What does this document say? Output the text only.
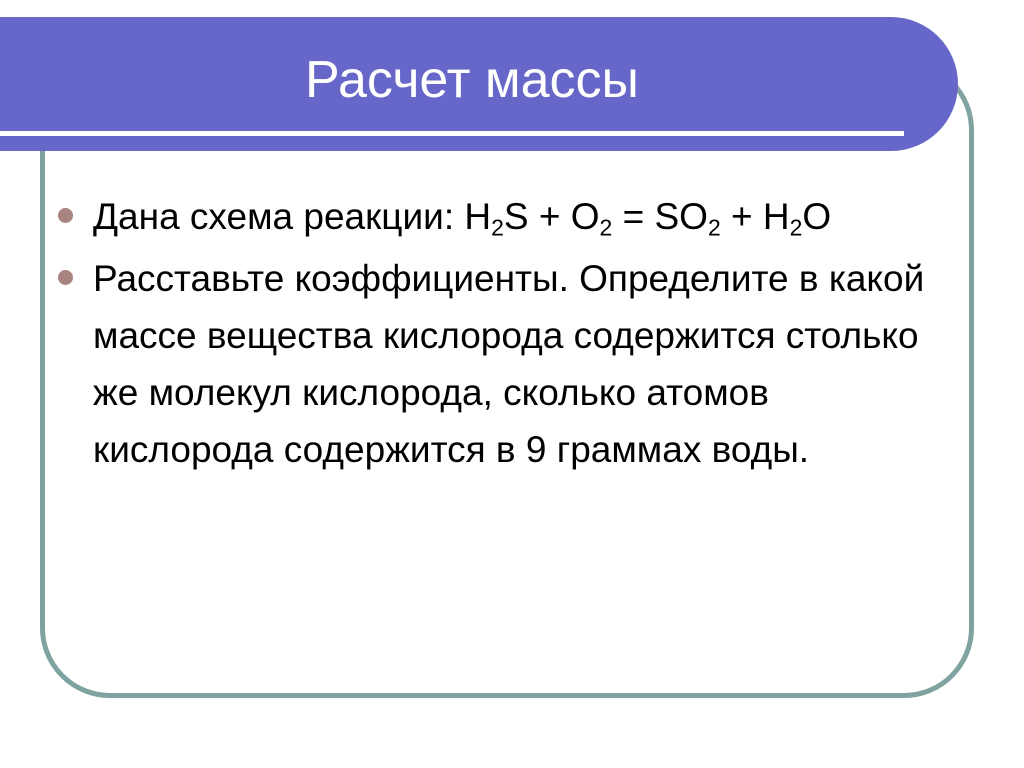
Расчет массы
Дана схема реакции: $H_2S + O_2 = SO_2 + H_2O$
Расставьте коэффициенты. Определите в какой массе вещества кислорода содержится столько же молекул кислорода, сколько атомов кислорода содержится в 9 граммах воды.
